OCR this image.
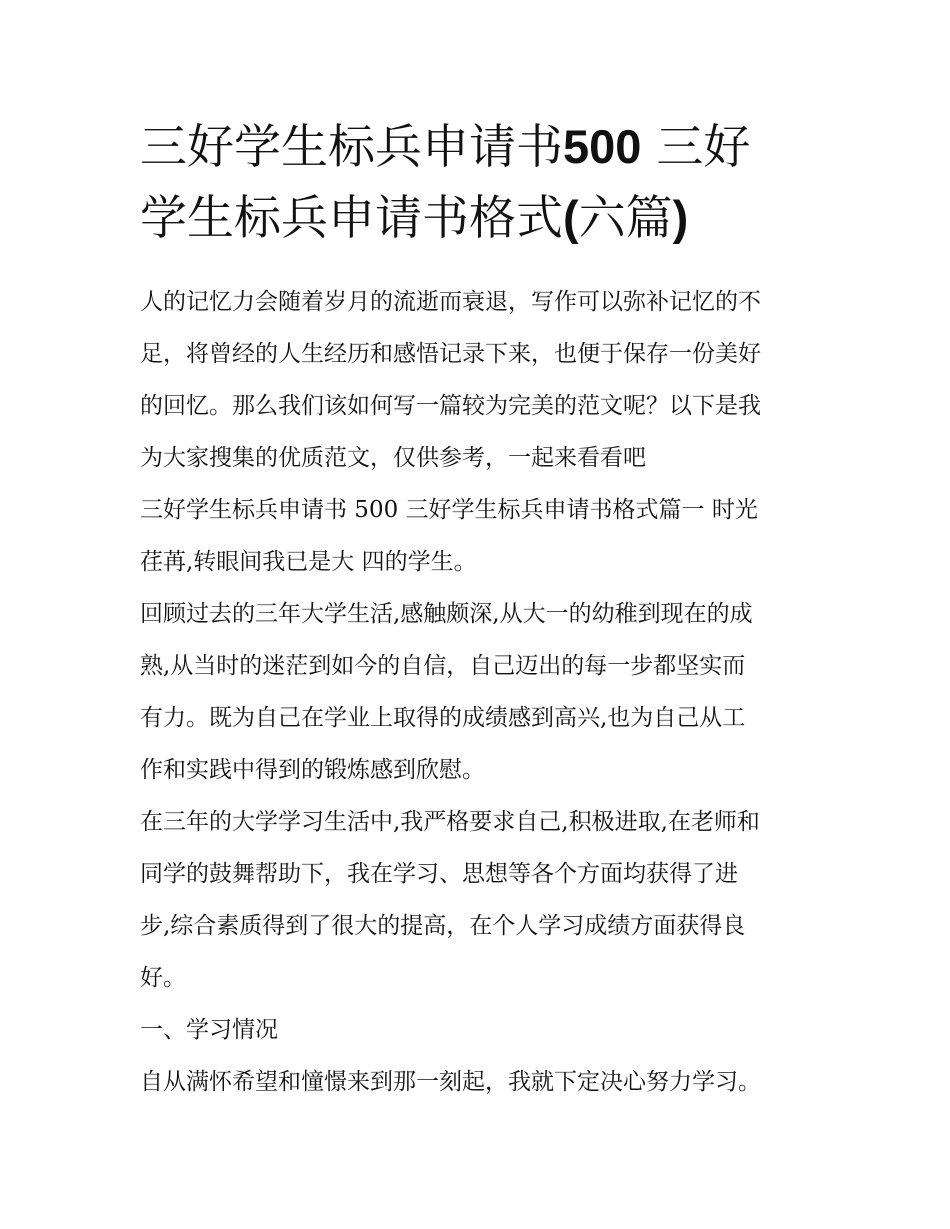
三好学生标兵申请书500 三好
学生标兵申请书格式(六篇)

人的记忆力会随着岁月的流逝而衰退，写作可以弥补记忆的不

足，将曾经的人生经历和感悟记录下来，也便于保存一份美好

的回忆。那么我们该如何写一篇较为完美的范文呢？以下是我

为大家搜集的优质范文，仅供参考，一起来看看吧

三好学生标兵申请书 500 三好学生标兵申请书格式篇一 时光

荏苒,转眼间我已是大 四的学生。

回顾过去的三年大学生活,感触颇深,从大一的幼稚到现在的成

熟,从当时的迷茫到如今的自信，自己迈出的每一步都坚实而

有力。既为自己在学业上取得的成绩感到高兴,也为自己从工

作和实践中得到的锻炼感到欣慰。

在三年的大学学习生活中,我严格要求自己,积极进取,在老师和

同学的鼓舞帮助下，我在学习、思想等各个方面均获得了进

步,综合素质得到了很大的提高，在个人学习成绩方面获得良

好。

一、学习情况

自从满怀希望和憧憬来到那一刻起，我就下定决心努力学习。
